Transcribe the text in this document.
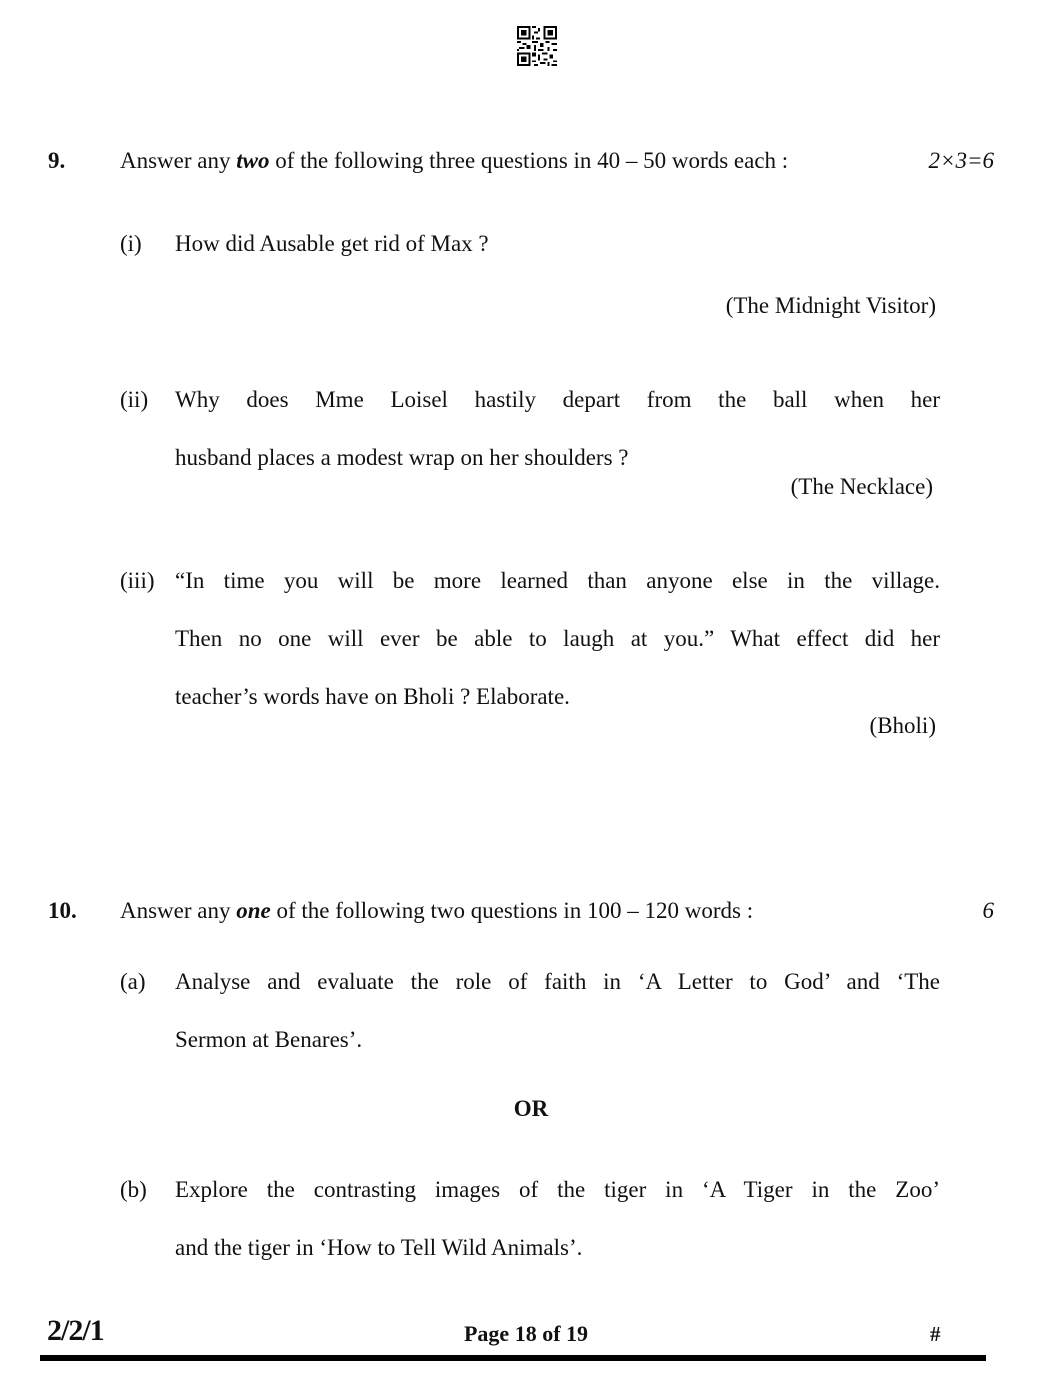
9. Answer any two of the following three questions in 40 – 50 words each :	2×3=6
(i) How did Ausable get rid of Max ?
(The Midnight Visitor)
(ii) Why does Mme Loisel hastily depart from the ball when her
husband places a modest wrap on her shoulders ?
(The Necklace)
(iii) “In time you will be more learned than anyone else in the village.
Then no one will ever be able to laugh at you.” What effect did her
teacher’s words have on Bholi ? Elaborate.
(Bholi)
10. Answer any one of the following two questions in 100 – 120 words :	6
(a) Analyse and evaluate the role of faith in ‘A Letter to God’ and ‘The
Sermon at Benares’.
OR
(b) Explore the contrasting images of the tiger in ‘A Tiger in the Zoo’
and the tiger in ‘How to Tell Wild Animals’.
2/2/1	Page 18 of 19	#
